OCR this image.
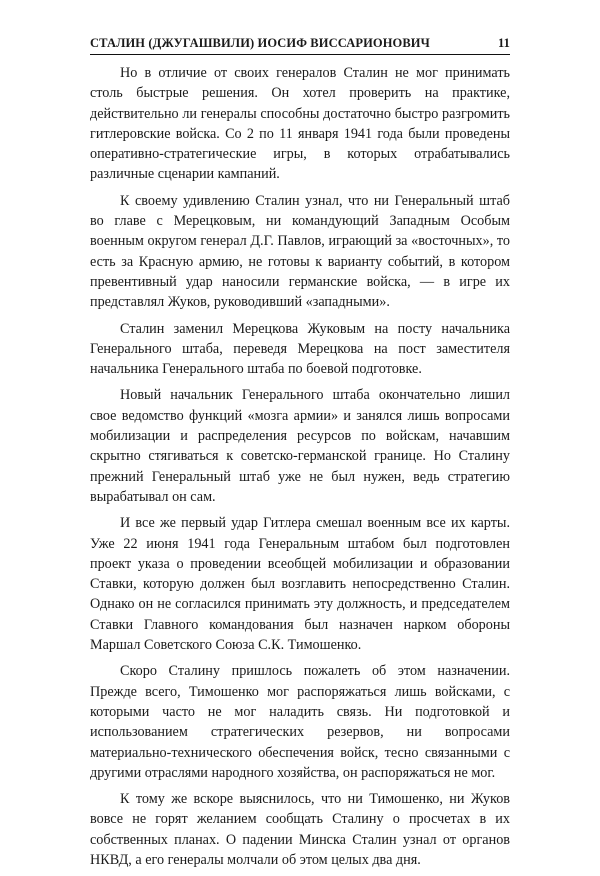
СТАЛИН (ДЖУГАШВИЛИ) ИОСИФ ВИССАРИОНОВИЧ	11

Но в отличие от своих генералов Сталин не мог принимать столь быстрые решения. Он хотел проверить на практике, действительно ли генералы способны достаточно быстро разгромить гитлеровские войска. Со 2 по 11 января 1941 года были проведены оперативно-стратегические игры, в которых отрабатывались различные сценарии кампаний.

К своему удивлению Сталин узнал, что ни Генеральный штаб во главе с Мерецковым, ни командующий Западным Особым военным округом генерал Д.Г. Павлов, играющий за «восточных», то есть за Красную армию, не готовы к варианту событий, в котором превентивный удар наносили германские войска, — в игре их представлял Жуков, руководивший «западными».

Сталин заменил Мерецкова Жуковым на посту начальника Генерального штаба, переведя Мерецкова на пост заместителя начальника Генерального штаба по боевой подготовке.

Новый начальник Генерального штаба окончательно лишил свое ведомство функций «мозга армии» и занялся лишь вопросами мобилизации и распределения ресурсов по войскам, начавшим скрытно стягиваться к советско-германской границе. Но Сталину прежний Генеральный штаб уже не был нужен, ведь стратегию вырабатывал он сам.

И все же первый удар Гитлера смешал военным все их карты. Уже 22 июня 1941 года Генеральным штабом был подготовлен проект указа о проведении всеобщей мобилизации и образовании Ставки, которую должен был возглавить непосредственно Сталин. Однако он не согласился принимать эту должность, и председателем Ставки Главного командования был назначен нарком обороны Маршал Советского Союза С.К. Тимошенко.

Скоро Сталину пришлось пожалеть об этом назначении. Прежде всего, Тимошенко мог распоряжаться лишь войсками, с которыми часто не мог наладить связь. Ни подготовкой и использованием стратегических резервов, ни вопросами материально-технического обеспечения войск, тесно связанными с другими отраслями народного хозяйства, он распоряжаться не мог.

К тому же вскоре выяснилось, что ни Тимошенко, ни Жуков вовсе не горят желанием сообщать Сталину о просчетах в их собственных планах. О падении Минска Сталин узнал от органов НКВД, а его генералы молчали об этом целых два дня.
